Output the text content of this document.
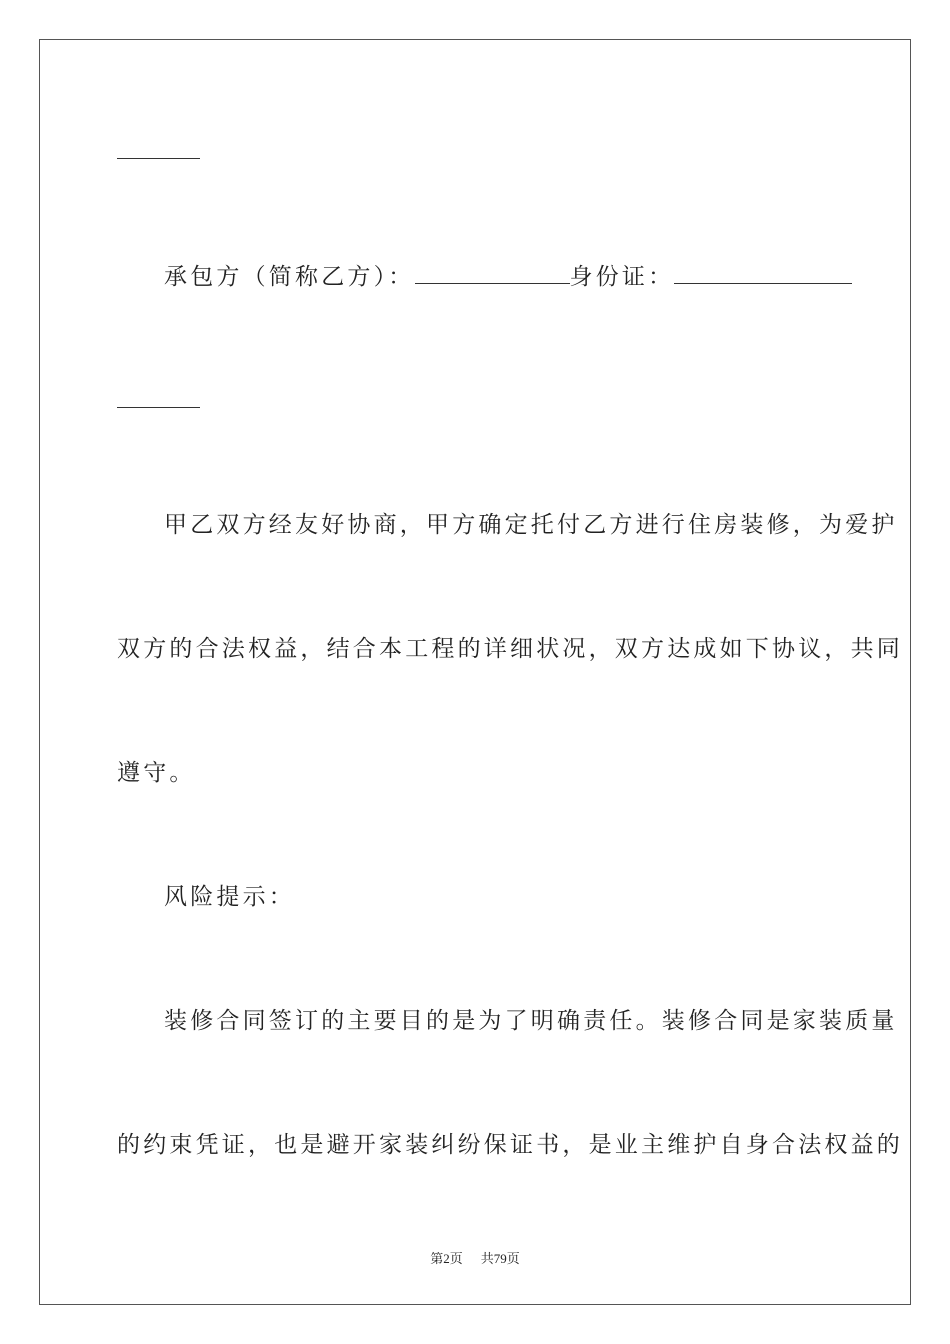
承包方（简称乙方）：	身份证：
甲乙双方经友好协商，甲方确定托付乙方进行住房装修，为爱护
双方的合法权益，结合本工程的详细状况，双方达成如下协议，共同
遵守。
风险提示：
装修合同签订的主要目的是为了明确责任。装修合同是家装质量
的约束凭证，也是避开家装纠纷保证书，是业主维护自身合法权益的
第2页 共79页
